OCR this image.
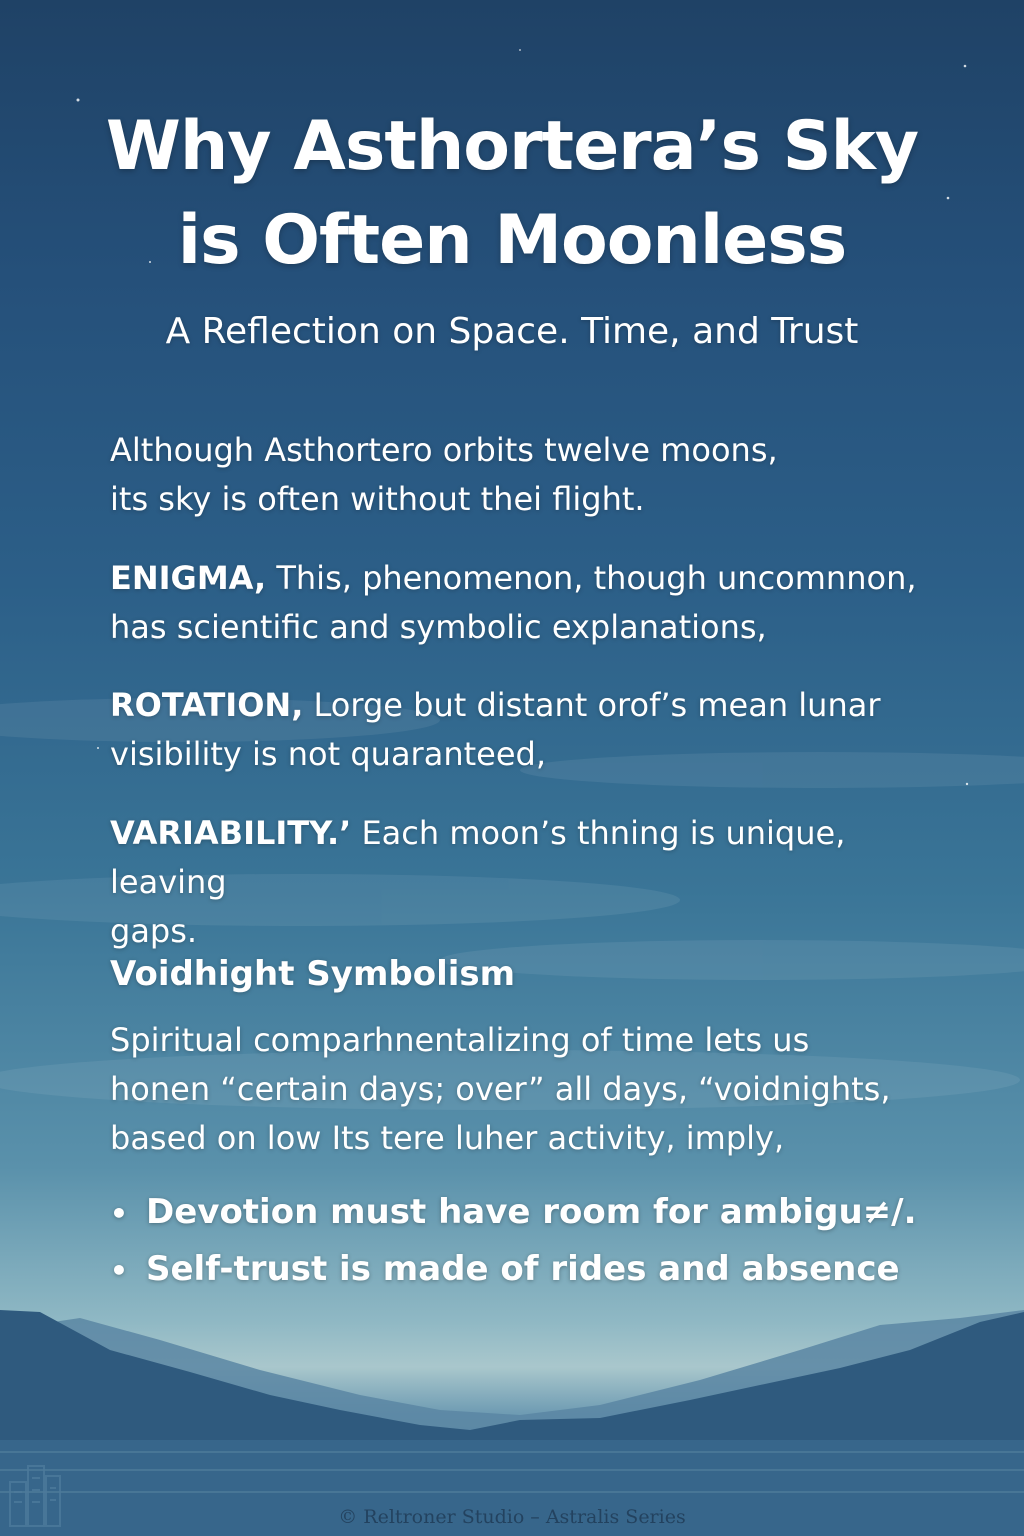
Why Asthortera’s Sky
is Often Moonless
A Reflection on Space. Time, and Trust
Although Asthortero orbits twelve moons,
its sky is often without thei flight.
ENIGMA, This, phenomenon, though uncomnnon,
has scientific and symbolic explanations,
ROTATION, Lorge but distant orof’s mean lunar
visibility is not quaranteed,
VARIABILITY.’ Each moon’s thning is unique, leaving
gaps.
Voidhight Symbolism
Spiritual comparhnentalizing of time lets us
honen “certain days; over” all days, “voidnights,
based on low Its tere luher activity, imply,
• Devotion must have room for ambigu≠/.
• Self-trust is made of rides and absence
© Reltroner Studio – Astralis Series
